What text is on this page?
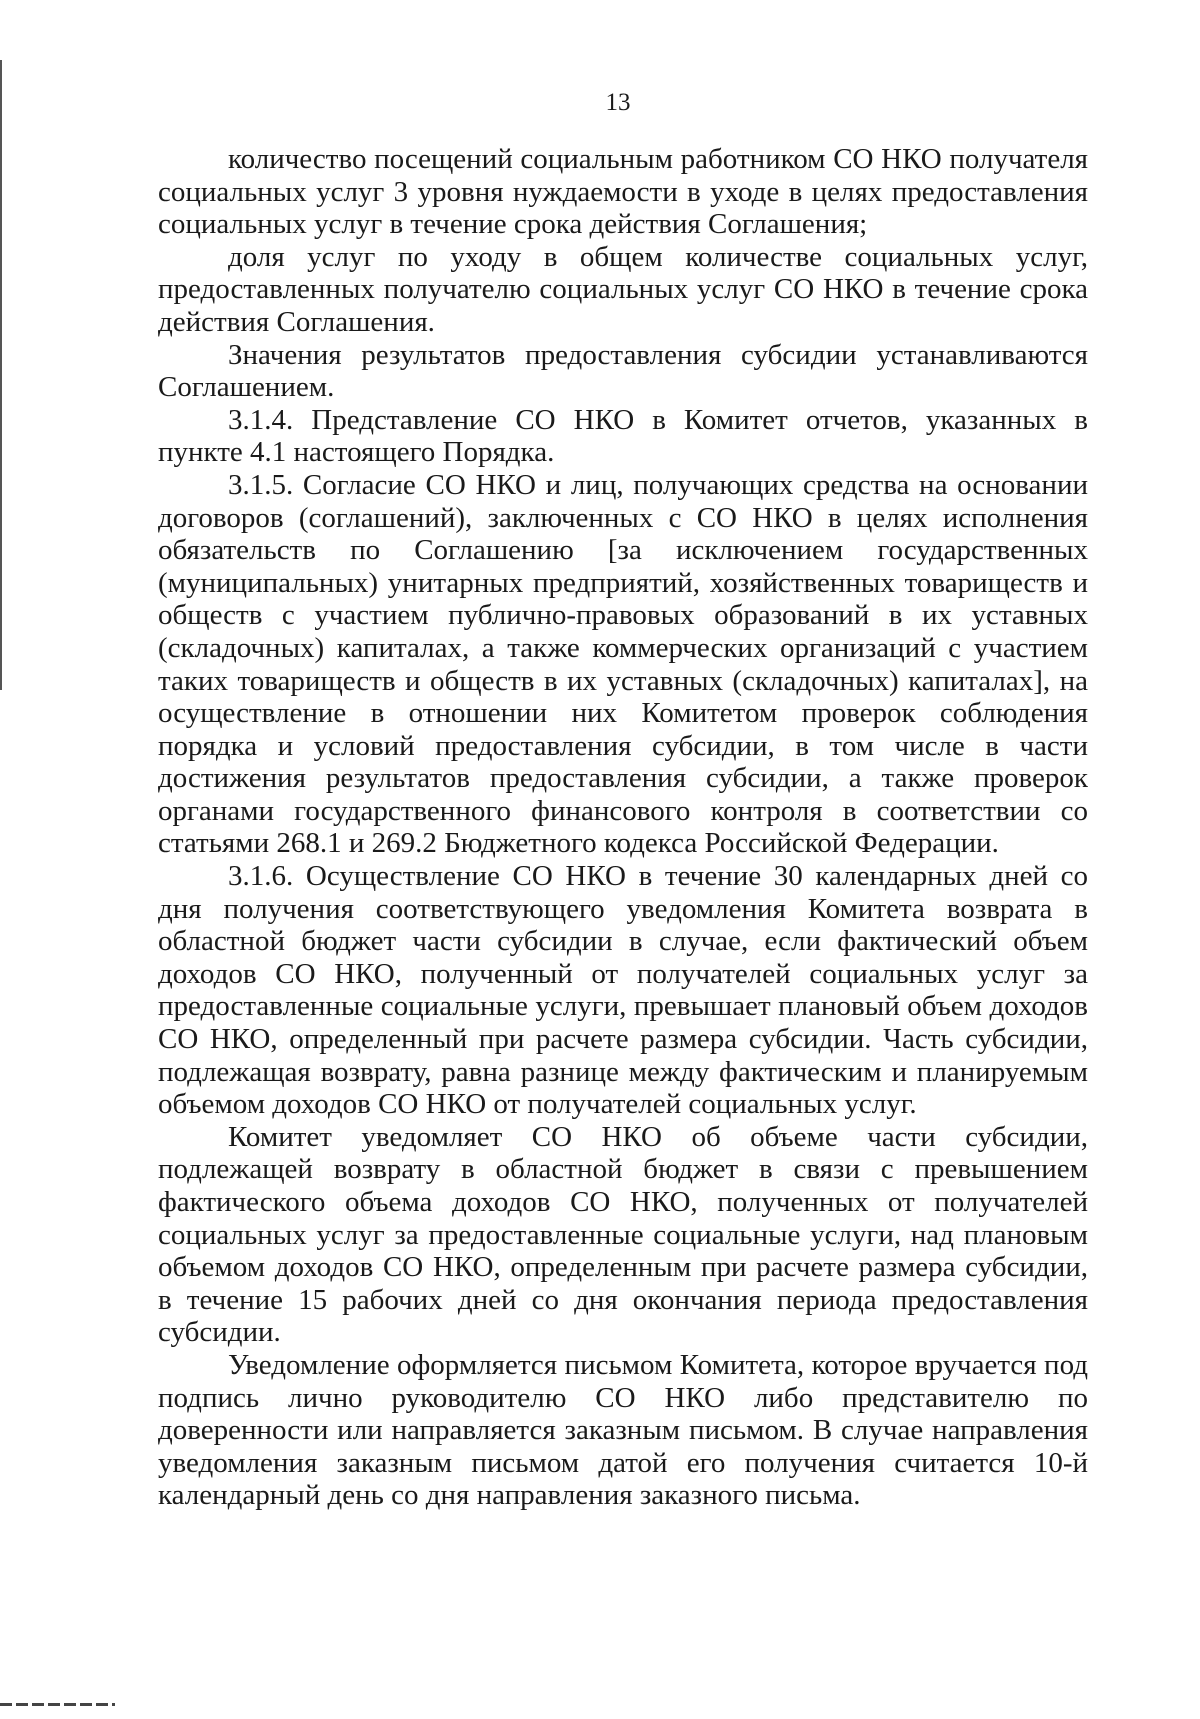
13

количество посещений социальным работником СО НКО получателя социальных услуг 3 уровня нуждаемости в уходе в целях предоставления социальных услуг в течение срока действия Соглашения;

доля услуг по уходу в общем количестве социальных услуг, предоставленных получателю социальных услуг СО НКО в течение срока действия Соглашения.

Значения результатов предоставления субсидии устанавливаются Соглашением.

3.1.4. Представление СО НКО в Комитет отчетов, указанных в пункте 4.1 настоящего Порядка.

3.1.5. Согласие СО НКО и лиц, получающих средства на основании договоров (соглашений), заключенных с СО НКО в целях исполнения обязательств по Соглашению [за исключением государственных (муниципальных) унитарных предприятий, хозяйственных товариществ и обществ с участием публично-правовых образований в их уставных (складочных) капиталах, а также коммерческих организаций с участием таких товариществ и обществ в их уставных (складочных) капиталах], на осуществление в отношении них Комитетом проверок соблюдения порядка и условий предоставления субсидии, в том числе в части достижения результатов предоставления субсидии, а также проверок органами государственного финансового контроля в соответствии со статьями 268.1 и 269.2 Бюджетного кодекса Российской Федерации.

3.1.6. Осуществление СО НКО в течение 30 календарных дней со дня получения соответствующего уведомления Комитета возврата в областной бюджет части субсидии в случае, если фактический объем доходов СО НКО, полученный от получателей социальных услуг за предоставленные социальные услуги, превышает плановый объем доходов СО НКО, определенный при расчете размера субсидии. Часть субсидии, подлежащая возврату, равна разнице между фактическим и планируемым объемом доходов СО НКО от получателей социальных услуг.

Комитет уведомляет СО НКО об объеме части субсидии, подлежащей возврату в областной бюджет в связи с превышением фактического объема доходов СО НКО, полученных от получателей социальных услуг за предоставленные социальные услуги, над плановым объемом доходов СО НКО, определенным при расчете размера субсидии, в течение 15 рабочих дней со дня окончания периода предоставления субсидии.

Уведомление оформляется письмом Комитета, которое вручается под подпись лично руководителю СО НКО либо представителю по доверенности или направляется заказным письмом. В случае направления уведомления заказным письмом датой его получения считается 10-й календарный день со дня направления заказного письма.
